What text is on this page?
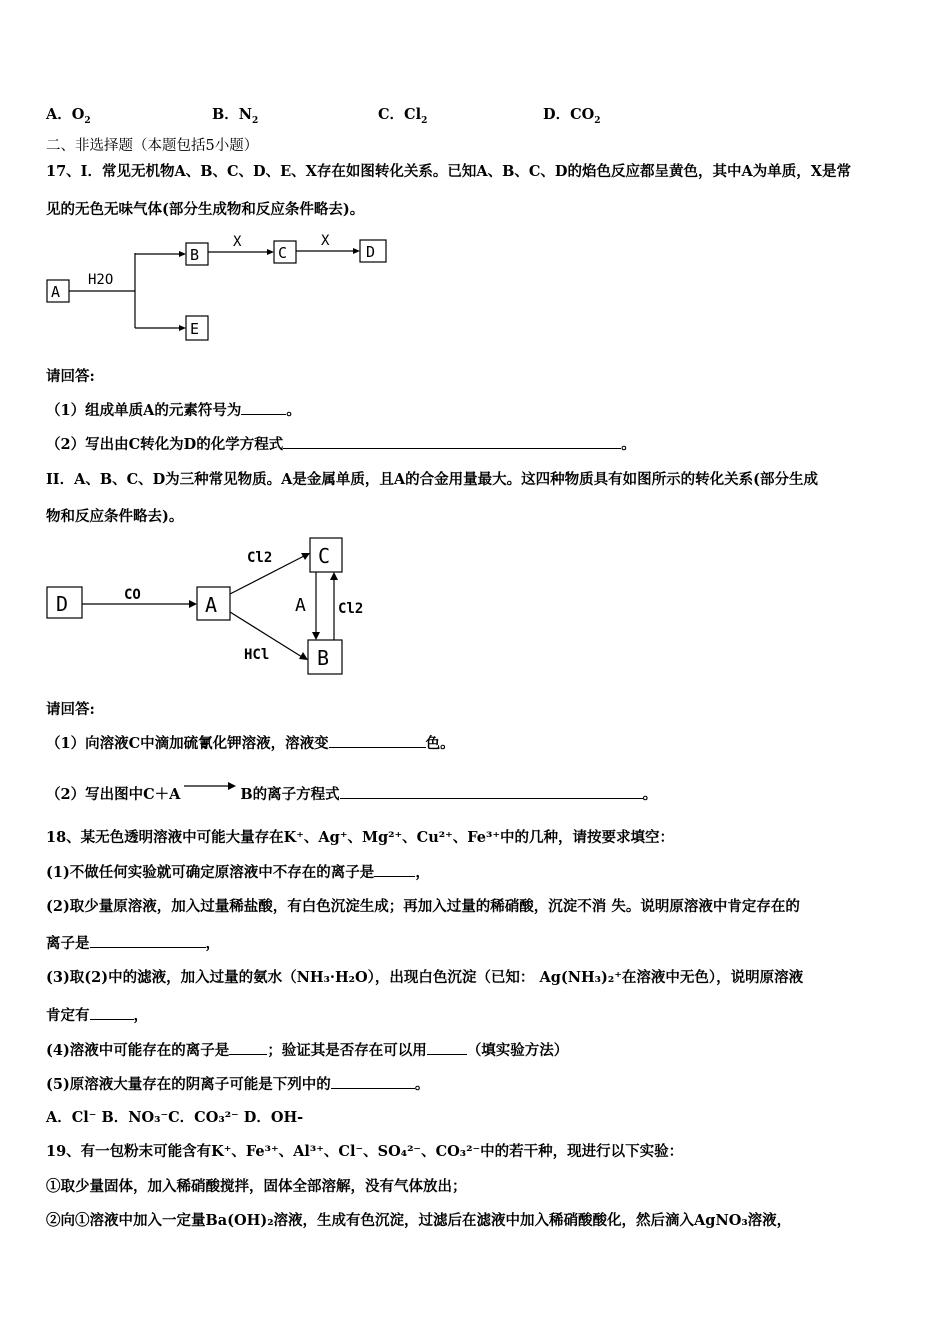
A．$O_2$	B．$N_2$	C．$Cl_2$	D．$CO_2$
二、非选择题（本题包括5小题）
17、I．常见无机物A、B、C、D、E、X存在如图转化关系。已知A、B、C、D的焰色反应都呈黄色，其中A为单质，X是常
见的无色无味气体(部分生成物和反应条件略去)。
A
B	C	D
E
H2O
X	X
请回答:
（1）组成单质A的元素符号为	。
（2）写出由C转化为D的化学方程式	。
II．A、B、C、D为三种常见物质。A是金属单质，且A的合金用量最大。这四种物质具有如图所示的转化关系(部分生成
物和反应条件略去)。
D	A
C
B
A
CO
Cl2
HCl
Cl2
请回答:
（1）向溶液C中滴加硫氰化钾溶液，溶液变	色。
（2）写出图中C＋A	B的离子方程式	。
18、某无色透明溶液中可能大量存在K⁺、Ag⁺、Mg²⁺、Cu²⁺、Fe³⁺中的几种，请按要求填空：
(1)不做任何实验就可确定原溶液中不存在的离子是	，
(2)取少量原溶液，加入过量稀盐酸，有白色沉淀生成；再加入过量的稀硝酸，沉淀不消 失。说明原溶液中肯定存在的
离子是	，
(3)取(2)中的滤液，加入过量的氨水（NH₃·H₂O），出现白色沉淀（已知： Ag(NH₃)₂⁺在溶液中无色），说明原溶液
肯定有	，
(4)溶液中可能存在的离子是	；验证其是否存在可以用	（填实验方法）
(5)原溶液大量存在的阴离子可能是下列中的	。
A．Cl⁻ B．NO₃⁻C．CO₃²⁻ D．OH-
19、有一包粉末可能含有K⁺、Fe³⁺、Al³⁺、Cl⁻、SO₄²⁻、CO₃²⁻中的若干种，现进行以下实验：
①取少量固体，加入稀硝酸搅拌，固体全部溶解，没有气体放出；
②向①溶液中加入一定量Ba(OH)₂溶液，生成有色沉淀，过滤后在滤液中加入稀硝酸酸化，然后滴入AgNO₃溶液，
